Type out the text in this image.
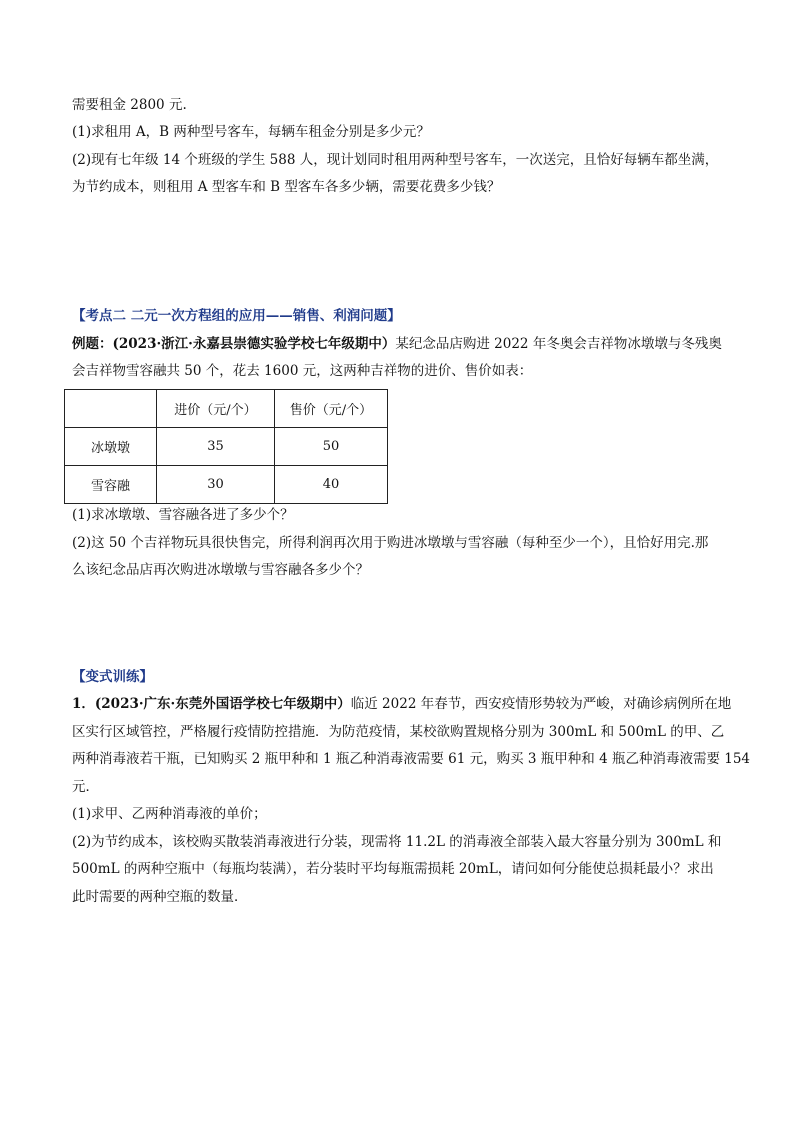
需要租金 2800 元.
(1)求租用 A，B 两种型号客车，每辆车租金分别是多少元？
(2)现有七年级 14 个班级的学生 588 人，现计划同时租用两种型号客车，一次送完，且恰好每辆车都坐满，
为节约成本，则租用 A 型客车和 B 型客车各多少辆，需要花费多少钱？
【考点二 二元一次方程组的应用——销售、利润问题】
例题：(2023·浙江·永嘉县崇德实验学校七年级期中）某纪念品店购进 2022 年冬奥会吉祥物冰墩墩与冬残奥
会吉祥物雪容融共 50 个，花去 1600 元，这两种吉祥物的进价、售价如表：
	进价（元/个）	售价（元/个）
冰墩墩	35	50
雪容融	30	40
(1)求冰墩墩、雪容融各进了多少个？
(2)这 50 个吉祥物玩具很快售完，所得利润再次用于购进冰墩墩与雪容融（每种至少一个），且恰好用完.那
么该纪念品店再次购进冰墩墩与雪容融各多少个？
【变式训练】
1．(2023·广东·东莞外国语学校七年级期中）临近 2022 年春节，西安疫情形势较为严峻，对确诊病例所在地
区实行区域管控，严格履行疫情防控措施．为防范疫情，某校欲购置规格分别为 300mL 和 500mL 的甲、乙
两种消毒液若干瓶，已知购买 2 瓶甲种和 1 瓶乙种消毒液需要 61 元，购买 3 瓶甲种和 4 瓶乙种消毒液需要 154
元．
(1)求甲、乙两种消毒液的单价；
(2)为节约成本，该校购买散装消毒液进行分装，现需将 11.2L 的消毒液全部装入最大容量分别为 300mL 和
500mL 的两种空瓶中（每瓶均装满），若分装时平均每瓶需损耗 20mL，请问如何分能使总损耗最小？求出
此时需要的两种空瓶的数量．
